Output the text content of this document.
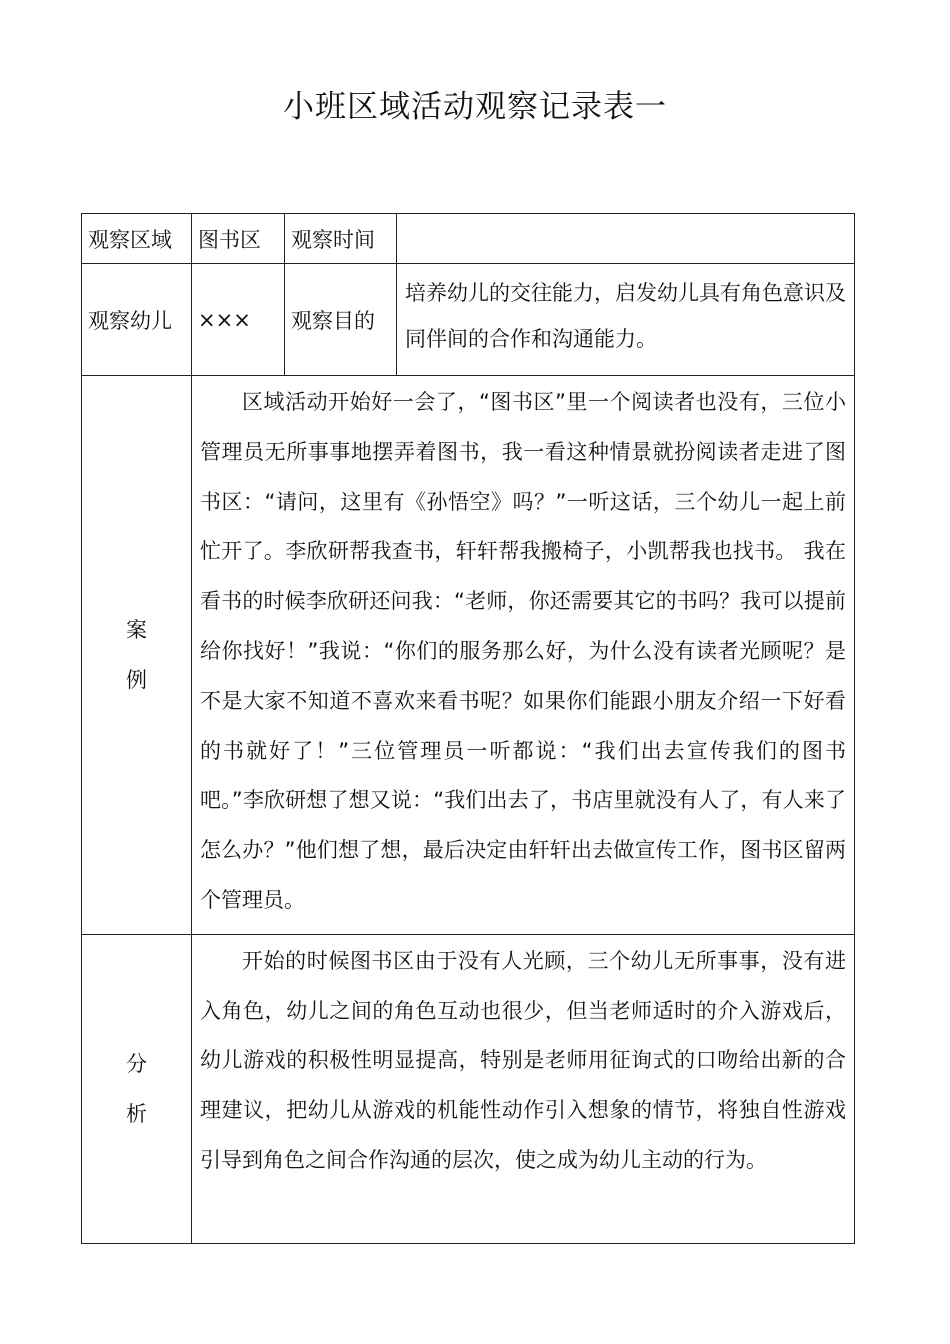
小班区域活动观察记录表一
观察区域	图书区	观察时间	
观察幼儿	×××	观察目的	培养幼儿的交往能力，启发幼儿具有角色意识及同伴间的合作和沟通能力。

案
例	区域活动开始好一会了，“图书区”里一个阅读者也没有，三位小管理员无所事事地摆弄着图书，我一看这种情景就扮阅读者走进了图书区：“请问，这里有《孙悟空》吗？”一听这话，三个幼儿一起上前忙开了。李欣研帮我查书，轩轩帮我搬椅子，小凯帮我也找书。 我在看书的时候李欣研还问我：“老师，你还需要其它的书吗？我可以提前给你找好！”我说：“你们的服务那么好，为什么没有读者光顾呢？是不是大家不知道不喜欢来看书呢？如果你们能跟小朋友介绍一下好看的书就好了！”三位管理员一听都说：“我们出去宣传我们的图书吧。”李欣研想了想又说：“我们出去了，书店里就没有人了，有人来了怎么办？”他们想了想，最后决定由轩轩出去做宣传工作，图书区留两个管理员。		

分
析	开始的时候图书区由于没有人光顾，三个幼儿无所事事，没有进入角色，幼儿之间的角色互动也很少，但当老师适时的介入游戏后，幼儿游戏的积极性明显提高，特别是老师用征询式的口吻给出新的合理建议，把幼儿从游戏的机能性动作引入想象的情节，将独自性游戏引导到角色之间合作沟通的层次，使之成为幼儿主动的行为。		
